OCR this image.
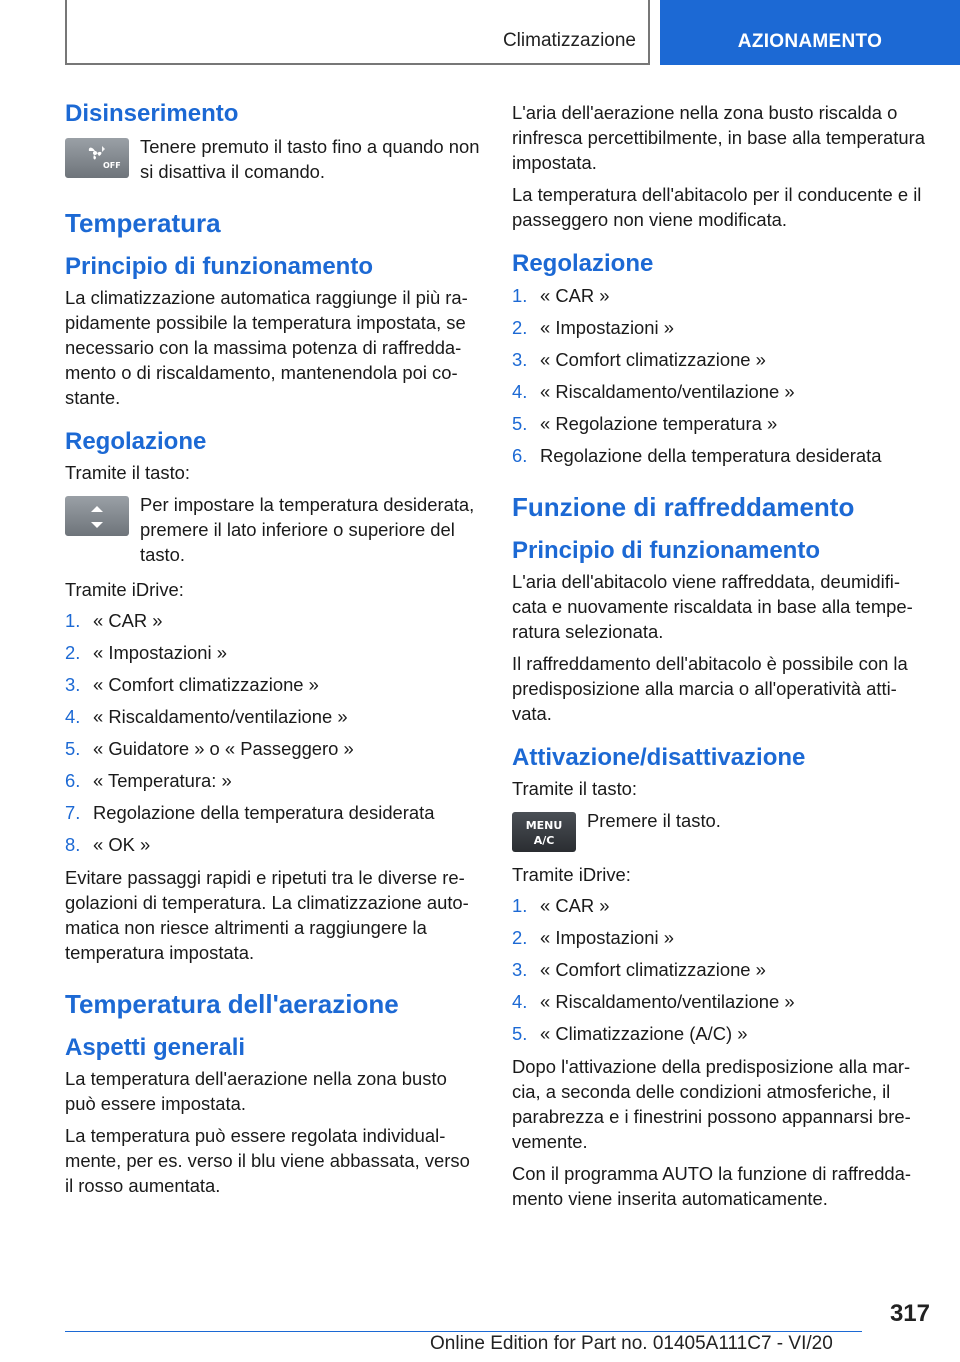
Climatizzazione	AZIONAMENTO
Disinserimento
OFF
Tenere premuto il tasto fino a quando non si disattiva il comando.
Temperatura
Principio di funzionamento

La climatizzazione automatica raggiunge il più rapidamente possibile la temperatura impostata, se necessario con la massima potenza di raffreddamento o di riscaldamento, mantenendola poi costante.

Regolazione

Tramite il tasto:

Per impostare la temperatura desiderata, premere il lato inferiore o superiore del tasto.

Tramite iDrive:

1. « CAR »
2. « Impostazioni »
3. « Comfort climatizzazione »
4. « Riscaldamento/ventilazione »
5. « Guidatore » o « Passeggero »
6. « Temperatura: »
7. Regolazione della temperatura desiderata
8. « OK »

Evitare passaggi rapidi e ripetuti tra le diverse regolazioni di temperatura. La climatizzazione automatica non riesce altrimenti a raggiungere la temperatura impostata.

Temperatura dell'aerazione
Aspetti generali

La temperatura dell'aerazione nella zona busto può essere impostata.

La temperatura può essere regolata individualmente, per es. verso il blu viene abbassata, verso il rosso aumentata.

L'aria dell'aerazione nella zona busto riscalda o rinfresca percettibilmente, in base alla temperatura impostata.

La temperatura dell'abitacolo per il conducente e il passeggero non viene modificata.

Regolazione
1. « CAR »
2. « Impostazioni »
3. « Comfort climatizzazione »
4. « Riscaldamento/ventilazione »
5. « Regolazione temperatura »
6. Regolazione della temperatura desiderata
Funzione di raffreddamento
Principio di funzionamento

L'aria dell'abitacolo viene raffreddata, deumidificata e nuovamente riscaldata in base alla temperatura selezionata.

Il raffreddamento dell'abitacolo è possibile con la predisposizione alla marcia o all'operatività attivata.

Attivazione/disattivazione

Tramite il tasto:

MENU
A/C
Premere il tasto.

Tramite iDrive:

1. « CAR »
2. « Impostazioni »
3. « Comfort climatizzazione »
4. « Riscaldamento/ventilazione »
5. « Climatizzazione (A/C) »

Dopo l'attivazione della predisposizione alla marcia, a seconda delle condizioni atmosferiche, il parabrezza e i finestrini possono appannarsi brevemente.

Con il programma AUTO la funzione di raffreddamento viene inserita automaticamente.

317
Online Edition for Part no. 01405A111C7 - VI/20
